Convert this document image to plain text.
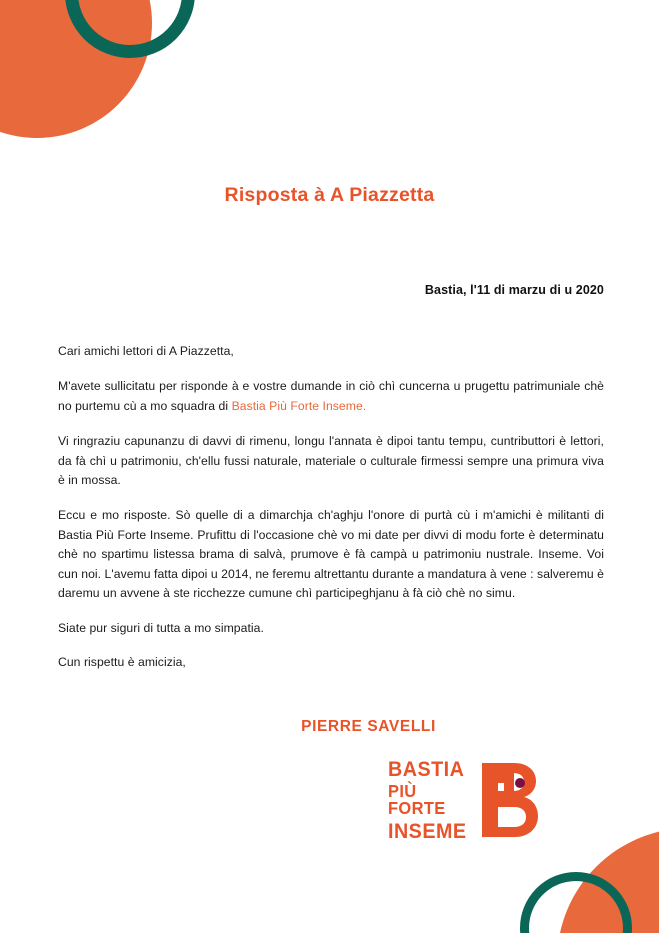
Risposta à A Piazzetta
Bastia, l'11 di marzu di u 2020

Cari amichi lettori di A Piazzetta,

M'avete sullicitatu per risponde à e vostre dumande in ciò chì cuncerna u prugettu patrimuniale chè no purtemu cù a mo squadra di Bastia Più Forte Inseme.

Vi ringraziu capunanzu di davvi di rimenu, longu l'annata è dipoi tantu tempu, cuntributtori è lettori, da fà chì u patrimoniu, ch'ellu fussi naturale, materiale o culturale firmessi sempre una primura viva è in mossa.

Eccu e mo risposte. Sò quelle di a dimarchja ch'aghju l'onore di purtà cù i m'amichi è militanti di Bastia Più Forte Inseme. Prufittu di l'occasione chè vo mi date per divvi di modu forte è determinatu chè no spartimu listessa brama di salvà, prumove è fà campà u patrimoniu nustrale. Inseme. Voi cun noi. L'avemu fatta dipoi u 2014, ne feremu altrettantu durante a mandatura à vene : salveremu è daremu un avvene à ste ricchezze cumune chì participeghjanu à fà ciò chè no simu.

Siate pur siguri di tutta a mo simpatia.

Cun rispettu è amicizia,

PIERRE SAVELLI
BASTIA
PIÙ FORTE
INSEME
